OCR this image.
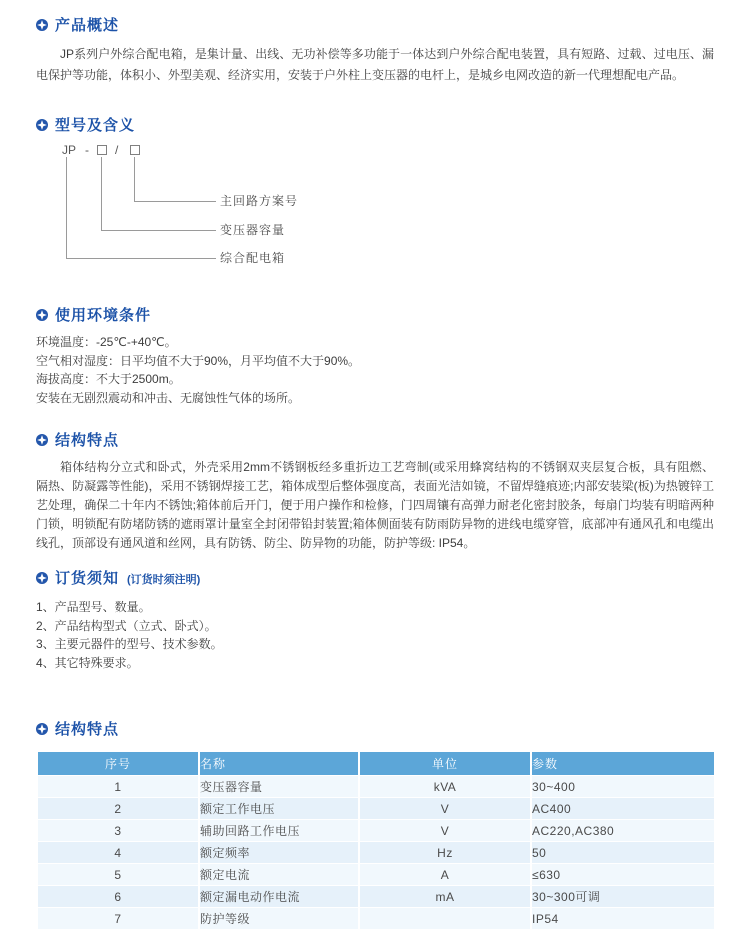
产品概述

JP系列户外综合配电箱，是集计量、出线、无功补偿等多功能于一体达到户外综合配电装置，具有短路、过载、过电压、漏电保护等功能，体积小、外型美观、经济实用，安装于户外柱上变压器的电杆上，是城乡电网改造的新一代理想配电产品。

型号及含义
JP - /
主回路方案号
变压器容量
综合配电箱
使用环境条件
环境温度：-25℃-+40℃。
空气相对湿度：日平均值不大于90%，月平均值不大于90%。
海拔高度：不大于2500m。
安装在无剧烈震动和冲击、无腐蚀性气体的场所。
结构特点

箱体结构分立式和卧式，外壳采用2mm不锈钢板经多重折边工艺弯制(或采用蜂窝结构的不锈钢双夹层复合板，具有阻燃、隔热、防凝露等性能)，采用不锈钢焊接工艺，箱体成型后整体强度高，表面光洁如镜，不留焊缝痕迹;内部安装梁(板)为热镀锌工艺处理，确保二十年内不锈蚀;箱体前后开门，便于用户操作和检修，门四周镶有高弹力耐老化密封胶条，每扇门均装有明暗两种门锁，明锁配有防堵防锈的遮雨罩计量室全封闭带铅封装置;箱体侧面装有防雨防异物的进线电缆穿管，底部冲有通风孔和电缆出线孔，顶部设有通风道和丝网，具有防锈、防尘、防异物的功能，防护等级: IP54。

订货须知 (订货时须注明)
1、产品型号、数量。
2、产品结构型式（立式、卧式）。
3、主要元器件的型号、技术参数。
4、其它特殊要求。
结构特点
序号	名称	单位	参数
1	变压器容量	kVA	30~400
2	额定工作电压	V	AC400
3	辅助回路工作电压	V	AC220,AC380
4	额定频率	Hz	50
5	额定电流	A	≤630
6	额定漏电动作电流	mA	30~300可调
7	防护等级		IP54
